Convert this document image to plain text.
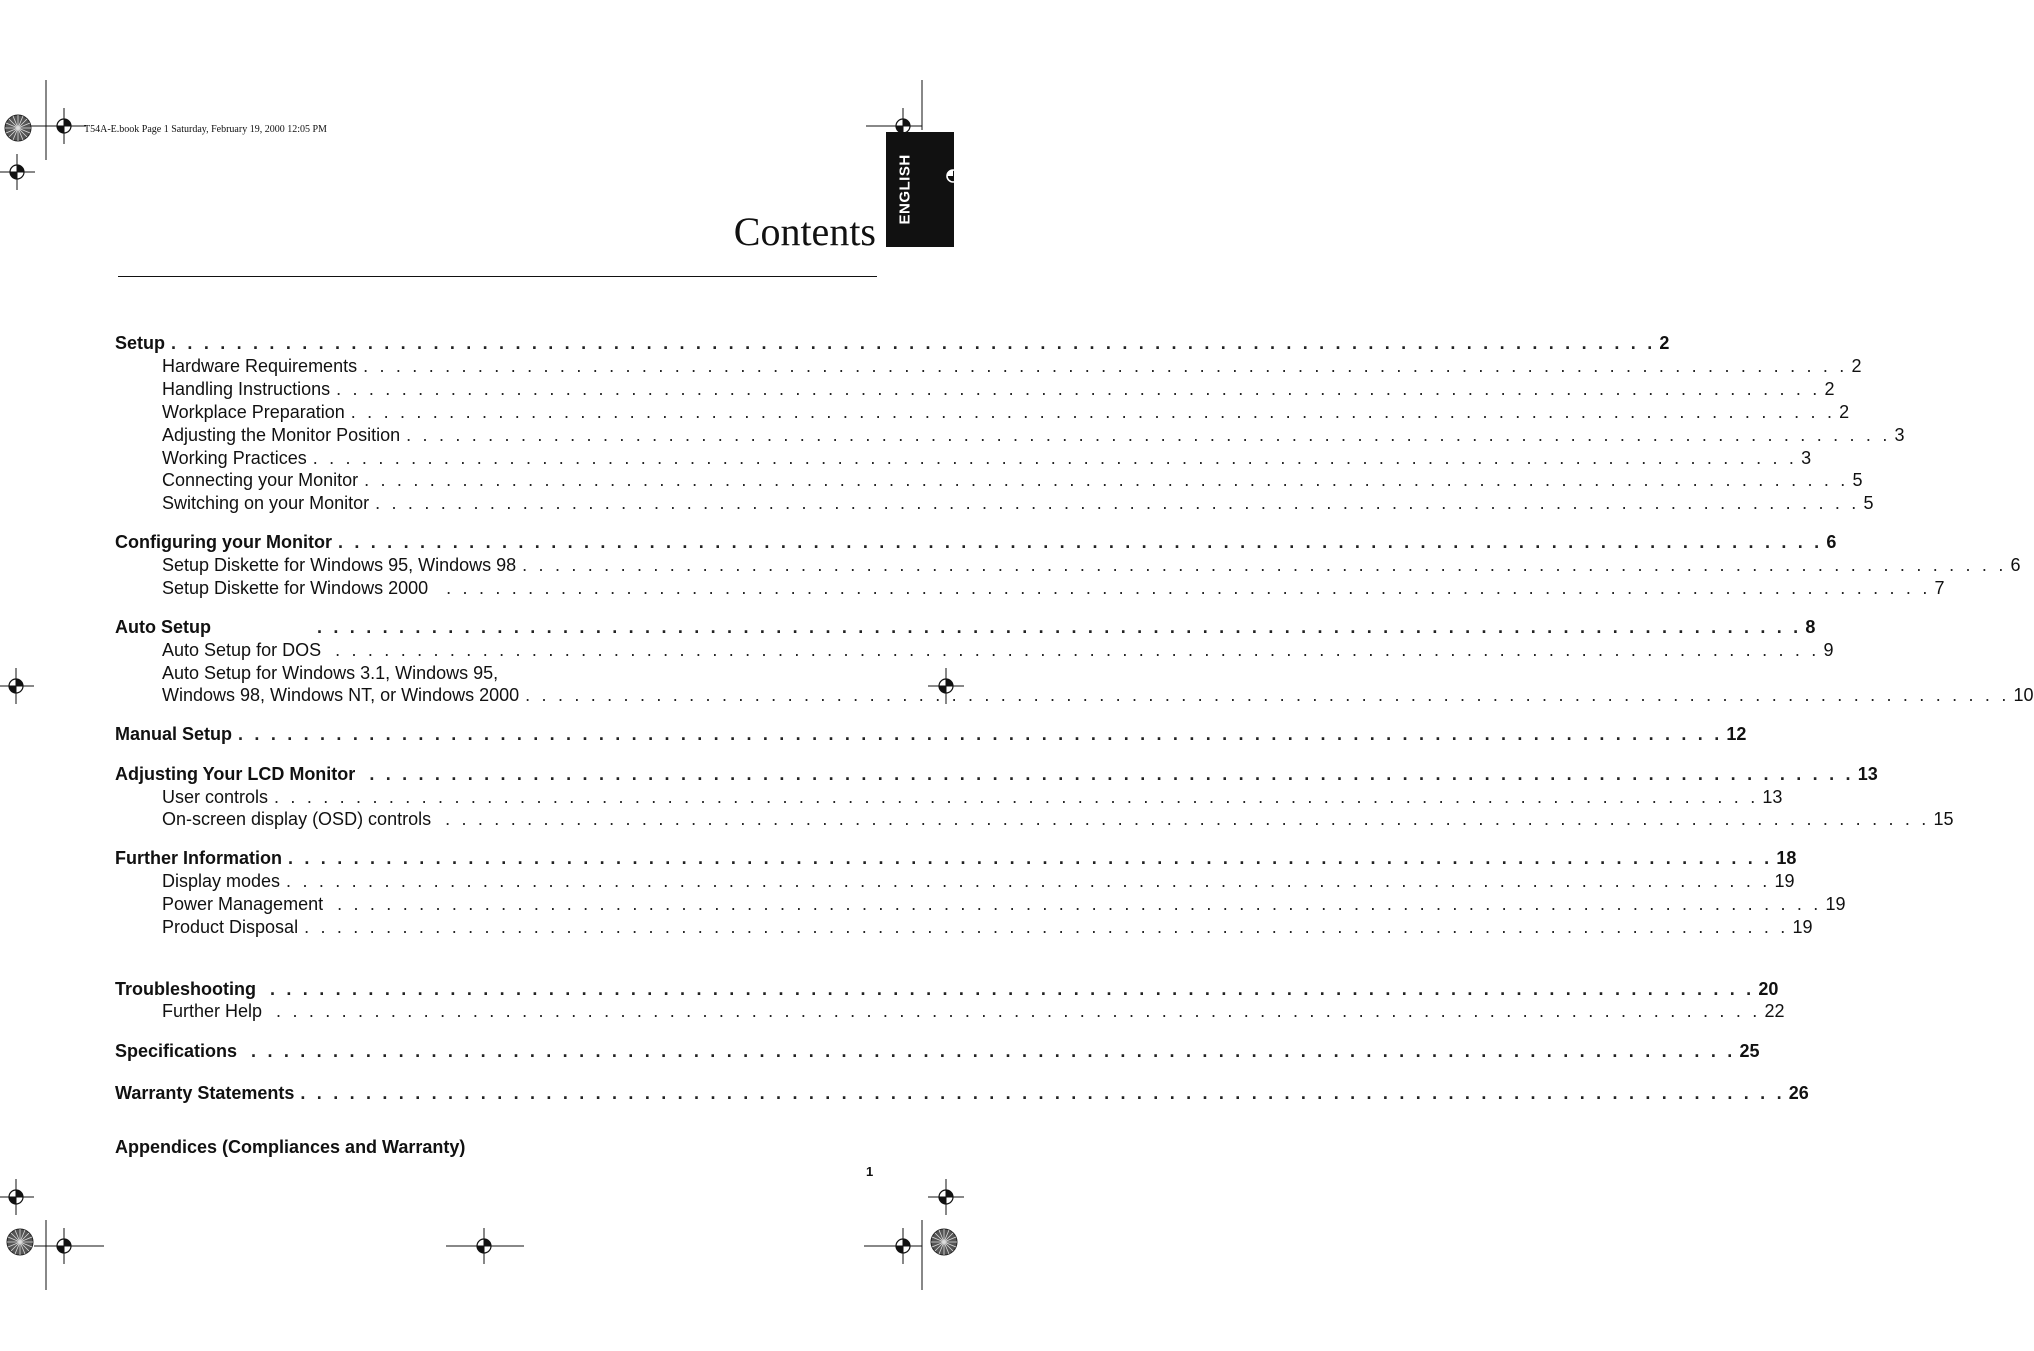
T54A-E.book Page 1 Saturday, February 19, 2000 12:05 PM
ENGLISH
Contents
Setup . . . . . . . . . . . . . . . . . . . . . . . . . . . . . . . . . . . . . . . . . . . . . . . . . . . . . . . . . . . . . . . . . . . . . . . . . . . . . . . . . . . . . . . . . . . 2
Hardware Requirements . . . . . . . . . . . . . . . . . . . . . . . . . . . . . . . . . . . . . . . . . . . . . . . . . . . . . . . . . . . . . . . . . . . . . . . . . . . . . . . . . . . . . . . . . . . 2
Handling Instructions . . . . . . . . . . . . . . . . . . . . . . . . . . . . . . . . . . . . . . . . . . . . . . . . . . . . . . . . . . . . . . . . . . . . . . . . . . . . . . . . . . . . . . . . . . . 2
Workplace Preparation . . . . . . . . . . . . . . . . . . . . . . . . . . . . . . . . . . . . . . . . . . . . . . . . . . . . . . . . . . . . . . . . . . . . . . . . . . . . . . . . . . . . . . . . . . . 2
Adjusting the Monitor Position . . . . . . . . . . . . . . . . . . . . . . . . . . . . . . . . . . . . . . . . . . . . . . . . . . . . . . . . . . . . . . . . . . . . . . . . . . . . . . . . . . . . . . . . . . . 3
Working Practices . . . . . . . . . . . . . . . . . . . . . . . . . . . . . . . . . . . . . . . . . . . . . . . . . . . . . . . . . . . . . . . . . . . . . . . . . . . . . . . . . . . . . . . . . . . 3
Connecting your Monitor . . . . . . . . . . . . . . . . . . . . . . . . . . . . . . . . . . . . . . . . . . . . . . . . . . . . . . . . . . . . . . . . . . . . . . . . . . . . . . . . . . . . . . . . . . . 5
Switching on your Monitor . . . . . . . . . . . . . . . . . . . . . . . . . . . . . . . . . . . . . . . . . . . . . . . . . . . . . . . . . . . . . . . . . . . . . . . . . . . . . . . . . . . . . . . . . . . 5
Configuring your Monitor . . . . . . . . . . . . . . . . . . . . . . . . . . . . . . . . . . . . . . . . . . . . . . . . . . . . . . . . . . . . . . . . . . . . . . . . . . . . . . . . . . . . . . . . . . . 6
Setup Diskette for Windows 95, Windows 98 . . . . . . . . . . . . . . . . . . . . . . . . . . . . . . . . . . . . . . . . . . . . . . . . . . . . . . . . . . . . . . . . . . . . . . . . . . . . . . . . . . . . . . . . . . . 6
Setup Diskette for Windows 2000	. . . . . . . . . . . . . . . . . . . . . . . . . . . . . . . . . . . . . . . . . . . . . . . . . . . . . . . . . . . . . . . . . . . . . . . . . . . . . . . . . . . . . . . . . . . 7
Auto Setup	. . . . . . . . . . . . . . . . . . . . . . . . . . . . . . . . . . . . . . . . . . . . . . . . . . . . . . . . . . . . . . . . . . . . . . . . . . . . . . . . . . . . . . . . . . . 8
Auto Setup for DOS . . . . . . . . . . . . . . . . . . . . . . . . . . . . . . . . . . . . . . . . . . . . . . . . . . . . . . . . . . . . . . . . . . . . . . . . . . . . . . . . . . . . . . . . . . . 9
Auto Setup for Windows 3.1, Windows 95,
Windows 98, Windows NT, or Windows 2000 . . . . . . . . . . . . . . . . . . . . . . . . . . . . . . . . . . . . . . . . . . . . . . . . . . . . . . . . . . . . . . . . . . . . . . . . . . . . . . . . . . . . . . . . . . . 10
Manual Setup . . . . . . . . . . . . . . . . . . . . . . . . . . . . . . . . . . . . . . . . . . . . . . . . . . . . . . . . . . . . . . . . . . . . . . . . . . . . . . . . . . . . . . . . . . . 12
Adjusting Your LCD Monitor . . . . . . . . . . . . . . . . . . . . . . . . . . . . . . . . . . . . . . . . . . . . . . . . . . . . . . . . . . . . . . . . . . . . . . . . . . . . . . . . . . . . . . . . . . . 13
User controls . . . . . . . . . . . . . . . . . . . . . . . . . . . . . . . . . . . . . . . . . . . . . . . . . . . . . . . . . . . . . . . . . . . . . . . . . . . . . . . . . . . . . . . . . . . 13
On-screen display (OSD) controls . . . . . . . . . . . . . . . . . . . . . . . . . . . . . . . . . . . . . . . . . . . . . . . . . . . . . . . . . . . . . . . . . . . . . . . . . . . . . . . . . . . . . . . . . . . 15
Further Information . . . . . . . . . . . . . . . . . . . . . . . . . . . . . . . . . . . . . . . . . . . . . . . . . . . . . . . . . . . . . . . . . . . . . . . . . . . . . . . . . . . . . . . . . . . 18
Display modes . . . . . . . . . . . . . . . . . . . . . . . . . . . . . . . . . . . . . . . . . . . . . . . . . . . . . . . . . . . . . . . . . . . . . . . . . . . . . . . . . . . . . . . . . . . 19
Power Management . . . . . . . . . . . . . . . . . . . . . . . . . . . . . . . . . . . . . . . . . . . . . . . . . . . . . . . . . . . . . . . . . . . . . . . . . . . . . . . . . . . . . . . . . . . 19
Product Disposal . . . . . . . . . . . . . . . . . . . . . . . . . . . . . . . . . . . . . . . . . . . . . . . . . . . . . . . . . . . . . . . . . . . . . . . . . . . . . . . . . . . . . . . . . . . 19
Troubleshooting . . . . . . . . . . . . . . . . . . . . . . . . . . . . . . . . . . . . . . . . . . . . . . . . . . . . . . . . . . . . . . . . . . . . . . . . . . . . . . . . . . . . . . . . . . . 20
Further Help . . . . . . . . . . . . . . . . . . . . . . . . . . . . . . . . . . . . . . . . . . . . . . . . . . . . . . . . . . . . . . . . . . . . . . . . . . . . . . . . . . . . . . . . . . . 22
Specifications . . . . . . . . . . . . . . . . . . . . . . . . . . . . . . . . . . . . . . . . . . . . . . . . . . . . . . . . . . . . . . . . . . . . . . . . . . . . . . . . . . . . . . . . . . . 25
Warranty Statements . . . . . . . . . . . . . . . . . . . . . . . . . . . . . . . . . . . . . . . . . . . . . . . . . . . . . . . . . . . . . . . . . . . . . . . . . . . . . . . . . . . . . . . . . . . 26
Appendices (Compliances and Warranty)
1
